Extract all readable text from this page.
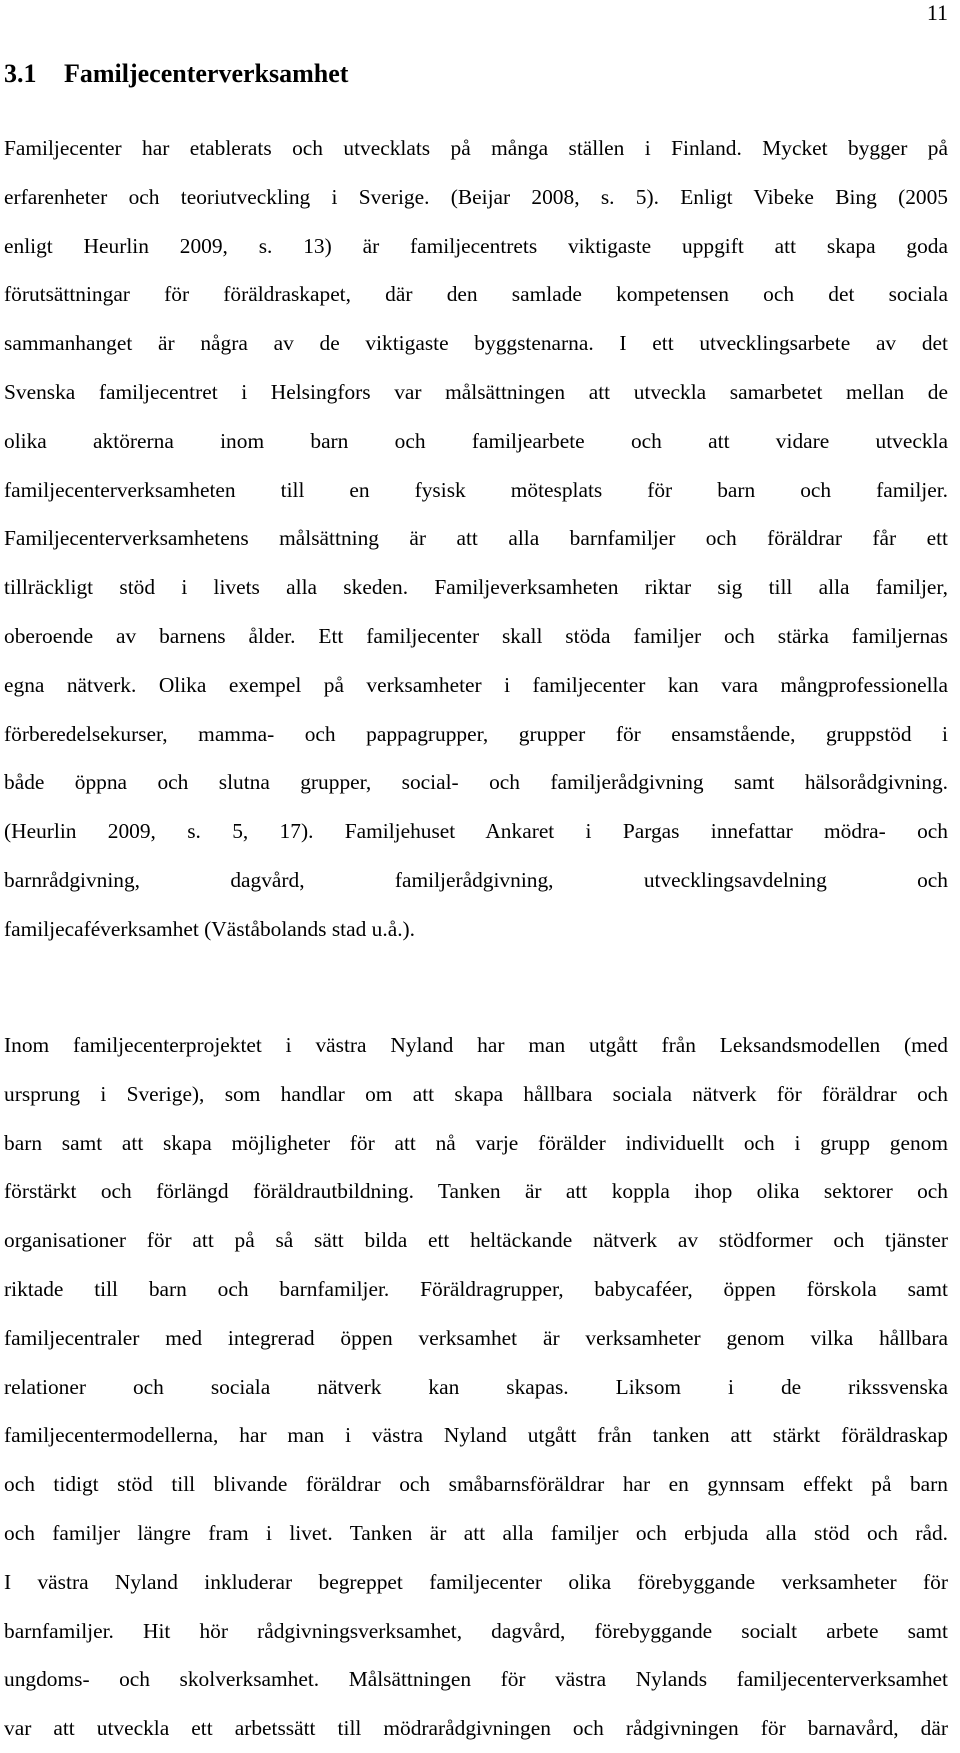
11
3.1 Familjecenterverksamhet

Familjecenter har etablerats och utvecklats på många ställen i Finland. Mycket bygger på
erfarenheter och teoriutveckling i Sverige. (Beijar 2008, s. 5). Enligt Vibeke Bing (2005
enligt Heurlin 2009, s. 13) är familjecentrets viktigaste uppgift att skapa goda
förutsättningar för föräldraskapet, där den samlade kompetensen och det sociala
sammanhanget är några av de viktigaste byggstenarna. I ett utvecklingsarbete av det
Svenska familjecentret i Helsingfors var målsättningen att utveckla samarbetet mellan de
olika aktörerna inom barn och familjearbete och att vidare utveckla
familjecenterverksamheten till en fysisk mötesplats för barn och familjer.
Familjecenterverksamhetens målsättning är att alla barnfamiljer och föräldrar får ett
tillräckligt stöd i livets alla skeden. Familjeverksamheten riktar sig till alla familjer,
oberoende av barnens ålder. Ett familjecenter skall stöda familjer och stärka familjernas
egna nätverk. Olika exempel på verksamheter i familjecenter kan vara mångprofessionella
förberedelsekurser, mamma- och pappagrupper, grupper för ensamstående, gruppstöd i
både öppna och slutna grupper, social- och familjerådgivning samt hälsorådgivning.
(Heurlin 2009, s. 5, 17). Familjehuset Ankaret i Pargas innefattar mödra- och
barnrådgivning, dagvård, familjerådgivning, utvecklingsavdelning och
familjecaféverksamhet (Väståbolands stad u.å.).

Inom familjecenterprojektet i västra Nyland har man utgått från Leksandsmodellen (med
ursprung i Sverige), som handlar om att skapa hållbara sociala nätverk för föräldrar och
barn samt att skapa möjligheter för att nå varje förälder individuellt och i grupp genom
förstärkt och förlängd föräldrautbildning. Tanken är att koppla ihop olika sektorer och
organisationer för att på så sätt bilda ett heltäckande nätverk av stödformer och tjänster
riktade till barn och barnfamiljer. Föräldragrupper, babycaféer, öppen förskola samt
familjecentraler med integrerad öppen verksamhet är verksamheter genom vilka hållbara
relationer och sociala nätverk kan skapas. Liksom i de rikssvenska
familjecentermodellerna, har man i västra Nyland utgått från tanken att stärkt föräldraskap
och tidigt stöd till blivande föräldrar och småbarnsföräldrar har en gynnsam effekt på barn
och familjer längre fram i livet. Tanken är att alla familjer och erbjuda alla stöd och råd.
I västra Nyland inkluderar begreppet familjecenter olika förebyggande verksamheter för
barnfamiljer. Hit hör rådgivningsverksamhet, dagvård, förebyggande socialt arbete samt
ungdoms- och skolverksamhet. Målsättningen för västra Nylands familjecenterverksamhet
var att utveckla ett arbetssätt till mödrarådgivningen och rådgivningen för barnavård, där
